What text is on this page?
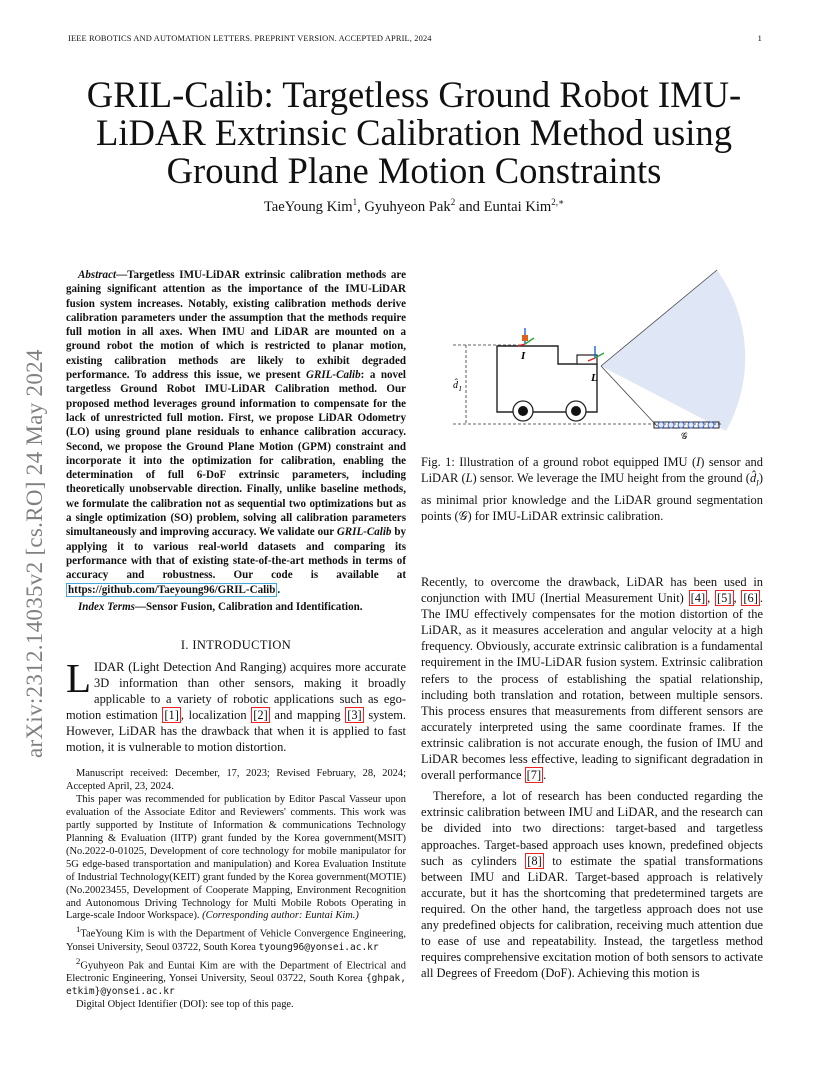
IEEE ROBOTICS AND AUTOMATION LETTERS. PREPRINT VERSION. ACCEPTED APRIL, 2024	1
GRIL-Calib: Targetless Ground Robot IMU-LiDAR Extrinsic Calibration Method using Ground Plane Motion Constraints
TaeYoung Kim$^1$, Gyuhyeon Pak$^2$ and Euntai Kim$^{2,∗}$
arXiv:2312.14035v2 [cs.RO] 24 May 2024
Abstract—Targetless IMU-LiDAR extrinsic calibration methods are gaining significant attention as the importance of the IMU-LiDAR fusion system increases. Notably, existing calibration methods derive calibration parameters under the assumption that the methods require full motion in all axes. When IMU and LiDAR are mounted on a ground robot the motion of which is restricted to planar motion, existing calibration methods are likely to exhibit degraded performance. To address this issue, we present GRIL-Calib: a novel targetless Ground Robot IMU-LiDAR Calibration method. Our proposed method leverages ground information to compensate for the lack of unrestricted full motion. First, we propose LiDAR Odometry (LO) using ground plane residuals to enhance calibration accuracy. Second, we propose the Ground Plane Motion (GPM) constraint and incorporate it into the optimization for calibration, enabling the determination of full 6-DoF extrinsic parameters, including theoretically unobservable direction. Finally, unlike baseline methods, we formulate the calibration not as sequential two optimizations but as a single optimization (SO) problem, solving all calibration parameters simultaneously and improving accuracy. We validate our GRIL-Calib by applying it to various real-world datasets and comparing its performance with that of existing state-of-the-art methods in terms of accuracy and robustness. Our code is available at https://github.com/Taeyoung96/GRIL-Calib .
Index Terms—Sensor Fusion, Calibration and Identification.
I. INTRODUCTION
LIDAR (Light Detection And Ranging) acquires more accurate 3D information than other sensors, making it broadly applicable to a variety of robotic applications such as ego-motion estimation [1] , localization [2] and mapping [3] system. However, LiDAR has the drawback that when it is applied to fast motion, it is vulnerable to motion distortion.

Manuscript received: December, 17, 2023; Revised February, 28, 2024; Accepted April, 23, 2024.

This paper was recommended for publication by Editor Pascal Vasseur upon evaluation of the Associate Editor and Reviewers' comments. This work was partly supported by Institute of Information & communications Technology Planning & Evaluation (IITP) grant funded by the Korea government(MSIT) (No.2022-0-01025, Development of core technology for mobile manipulator for 5G edge-based transportation and manipulation) and Korea Evaluation Institute of Industrial Technology(KEIT) grant funded by the Korea government(MOTIE) (No.20023455, Development of Cooperate Mapping, Environment Recognition and Autonomous Driving Technology for Multi Mobile Robots Operating in Large-scale Indoor Workspace). (Corresponding author: Euntai Kim.)

$^1$TaeYoung Kim is with the Department of Vehicle Convergence Engineering, Yonsei University, Seoul 03722, South Korea tyoung96@yonsei.ac.kr

$^2$Gyuhyeon Pak and Euntai Kim are with the Department of Electrical and Electronic Engineering, Yonsei University, Seoul 03722, South Korea {ghpak, etkim}@yonsei.ac.kr

Digital Object Identifier (DOI): see top of this page.

I
L
d̂ I
𝒢
Fig. 1: Illustration of a ground robot equipped IMU (I) sensor and LiDAR (L) sensor. We leverage the IMU height from the ground $(d̂_I)$ as minimal prior knowledge and the LiDAR ground segmentation points (𝒢) for IMU-LiDAR extrinsic calibration.

Recently, to overcome the drawback, LiDAR has been used in conjunction with IMU (Inertial Measurement Unit) [4] , [5] , [6] . The IMU effectively compensates for the motion distortion of the LiDAR, as it measures acceleration and angular velocity at a high frequency. Obviously, accurate extrinsic calibration is a fundamental requirement in the IMU-LiDAR fusion system. Extrinsic calibration refers to the process of establishing the spatial relationship, including both translation and rotation, between multiple sensors. This process ensures that measurements from different sensors are accurately interpreted using the same coordinate frames. If the extrinsic calibration is not accurate enough, the fusion of IMU and LiDAR becomes less effective, leading to significant degradation in overall performance [7] .

Therefore, a lot of research has been conducted regarding the extrinsic calibration between IMU and LiDAR, and the research can be divided into two directions: target-based and targetless approaches. Target-based approach uses known, predefined objects such as cylinders [8] to estimate the spatial transformations between IMU and LiDAR. Target-based approach is relatively accurate, but it has the shortcoming that predetermined targets are required. On the other hand, the targetless approach does not use any predefined objects for calibration, receiving much attention due to ease of use and repeatability. Instead, the targetless method requires comprehensive excitation motion of both sensors to activate all Degrees of Freedom (DoF). Achieving this motion is
